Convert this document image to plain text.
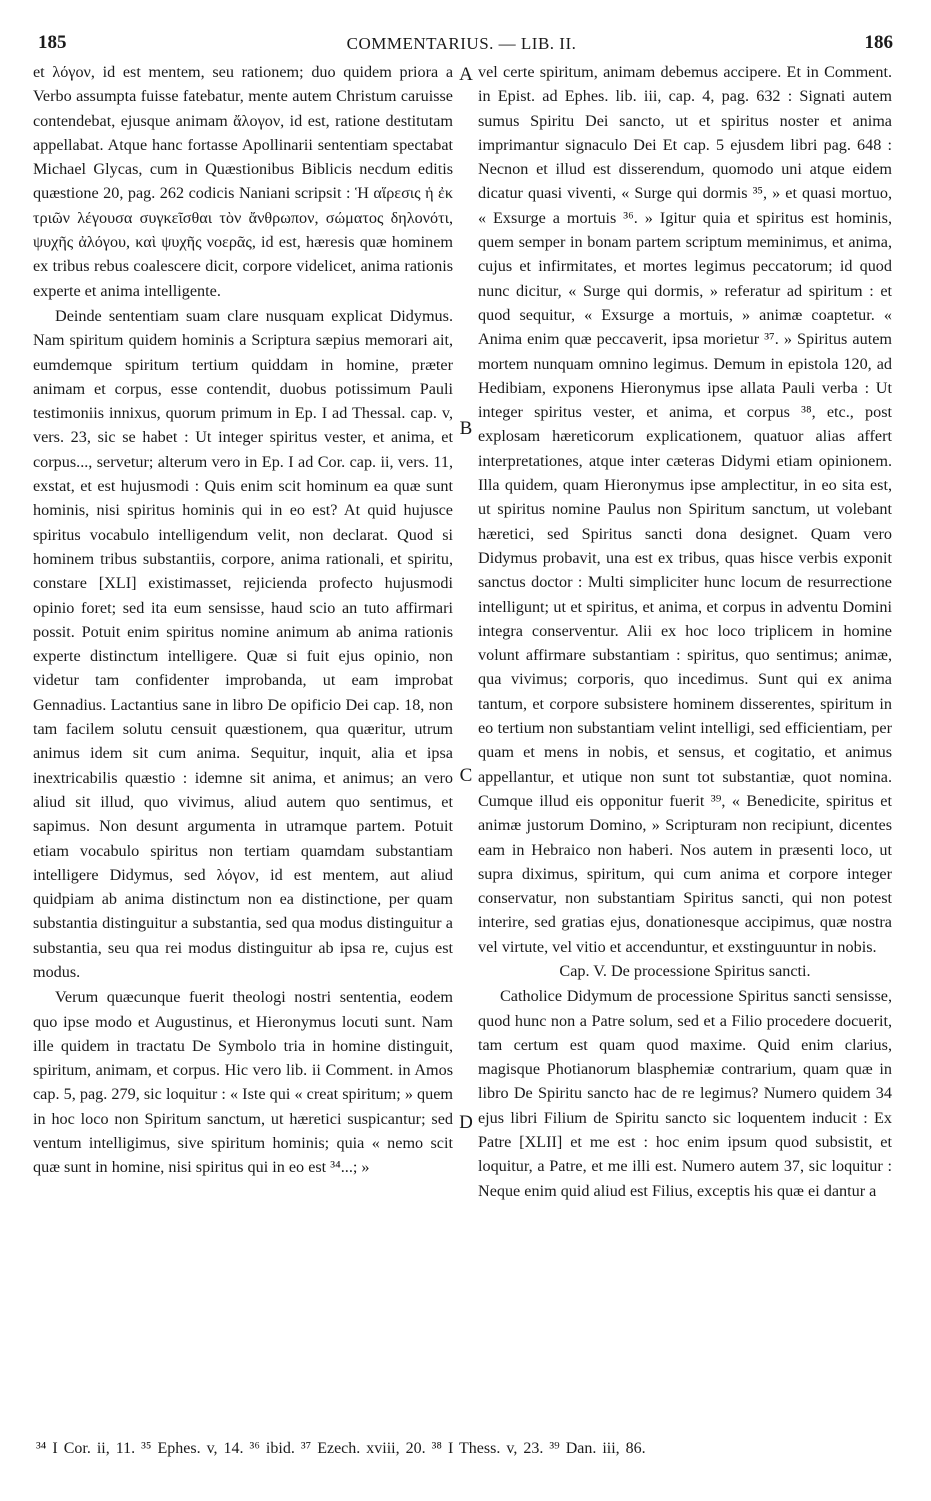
185	COMMENTARIUS. — LIB. II.	186

et λόγον, id est mentem, seu rationem; duo quidem priora a Verbo assumpta fuisse fatebatur, mente autem Christum caruisse contendebat, ejusque animam ἄλογον, id est, ratione destitutam appellabat. Atque hanc fortasse Apollinarii sententiam spectabat Michael Glycas, cum in Quæstionibus Biblicis necdum editis quæstione 20, pag. 262 codicis Naniani scripsit : Ἡ αἵρεσις ἡ ἐκ τριῶν λέγουσα συγκεῖσθαι τὸν ἄνθρωπον, σώματος δηλονότι, ψυχῆς ἀλόγου, καὶ ψυχῆς νοερᾶς, id est, hæresis quæ hominem ex tribus rebus coalescere dicit, corpore videlicet, anima rationis experte et anima intelligente.

Deinde sententiam suam clare nusquam explicat Didymus. Nam spiritum quidem hominis a Scriptura sæpius memorari ait, eumdemque spiritum tertium quiddam in homine, præter animam et corpus, esse contendit, duobus potissimum Pauli testimoniis innixus, quorum primum in Ep. I ad Thessal. cap. v, vers. 23, sic se habet : Ut integer spiritus vester, et anima, et corpus..., servetur; alterum vero in Ep. I ad Cor. cap. ii, vers. 11, exstat, et est hujusmodi : Quis enim scit hominum ea quæ sunt hominis, nisi spiritus hominis qui in eo est? At quid hujusce spiritus vocabulo intelligendum velit, non declarat. Quod si hominem tribus substantiis, corpore, anima rationali, et spiritu, constare [XLI] existimasset, rejicienda profecto hujusmodi opinio foret; sed ita eum sensisse, haud scio an tuto affirmari possit. Potuit enim spiritus nomine animum ab anima rationis experte distinctum intelligere. Quæ si fuit ejus opinio, non videtur tam confidenter improbanda, ut eam improbat Gennadius. Lactantius sane in libro De opificio Dei cap. 18, non tam facilem solutu censuit quæstionem, qua quæritur, utrum animus idem sit cum anima. Sequitur, inquit, alia et ipsa inextricabilis quæstio : idemne sit anima, et animus; an vero aliud sit illud, quo vivimus, aliud autem quo sentimus, et sapimus. Non desunt argumenta in utramque partem. Potuit etiam vocabulo spiritus non tertiam quamdam substantiam intelligere Didymus, sed λόγον, id est mentem, aut aliud quidpiam ab anima distinctum non ea distinctione, per quam substantia distinguitur a substantia, sed qua modus distinguitur a substantia, seu qua rei modus distinguitur ab ipsa re, cujus est modus.

Verum quæcunque fuerit theologi nostri sententia, eodem quo ipse modo et Augustinus, et Hieronymus locuti sunt. Nam ille quidem in tractatu De Symbolo tria in homine distinguit, spiritum, animam, et corpus. Hic vero lib. ii Comment. in Amos cap. 5, pag. 279, sic loquitur : « Iste qui « creat spiritum; » quem in hoc loco non Spiritum sanctum, ut hæretici suspicantur; sed ventum intelligimus, sive spiritum hominis; quia « nemo scit quæ sunt in homine, nisi spiritus qui in eo est ³⁴...; »

A
B
C
D

vel certe spiritum, animam debemus accipere. Et in Comment. in Epist. ad Ephes. lib. iii, cap. 4, pag. 632 : Signati autem sumus Spiritu Dei sancto, ut et spiritus noster et anima imprimantur signaculo Dei Et cap. 5 ejusdem libri pag. 648 : Necnon et illud est disserendum, quomodo uni atque eidem dicatur quasi viventi, « Surge qui dormis ³⁵, » et quasi mortuo, « Exsurge a mortuis ³⁶. » Igitur quia et spiritus est hominis, quem semper in bonam partem scriptum meminimus, et anima, cujus et infirmitates, et mortes legimus peccatorum; id quod nunc dicitur, « Surge qui dormis, » referatur ad spiritum : et quod sequitur, « Exsurge a mortuis, » animæ coaptetur. « Anima enim quæ peccaverit, ipsa morietur ³⁷. » Spiritus autem mortem nunquam omnino legimus. Demum in epistola 120, ad Hedibiam, exponens Hieronymus ipse allata Pauli verba : Ut integer spiritus vester, et anima, et corpus ³⁸, etc., post explosam hæreticorum explicationem, quatuor alias affert interpretationes, atque inter cæteras Didymi etiam opinionem. Illa quidem, quam Hieronymus ipse amplectitur, in eo sita est, ut spiritus nomine Paulus non Spiritum sanctum, ut volebant hæretici, sed Spiritus sancti dona designet. Quam vero Didymus probavit, una est ex tribus, quas hisce verbis exponit sanctus doctor : Multi simpliciter hunc locum de resurrectione intelligunt; ut et spiritus, et anima, et corpus in adventu Domini integra conserventur. Alii ex hoc loco triplicem in homine volunt affirmare substantiam : spiritus, quo sentimus; animæ, qua vivimus; corporis, quo incedimus. Sunt qui ex anima tantum, et corpore subsistere hominem disserentes, spiritum in eo tertium non substantiam velint intelligi, sed efficientiam, per quam et mens in nobis, et sensus, et cogitatio, et animus appellantur, et utique non sunt tot substantiæ, quot nomina. Cumque illud eis opponitur fuerit ³⁹, « Benedicite, spiritus et animæ justorum Domino, » Scripturam non recipiunt, dicentes eam in Hebraico non haberi. Nos autem in præsenti loco, ut supra diximus, spiritum, qui cum anima et corpore integer conservatur, non substantiam Spiritus sancti, qui non potest interire, sed gratias ejus, donationesque accipimus, quæ nostra vel virtute, vel vitio et accenduntur, et exstinguuntur in nobis.

Cap. V. De processione Spiritus sancti.

Catholice Didymum de processione Spiritus sancti sensisse, quod hunc non a Patre solum, sed et a Filio procedere docuerit, tam certum est quam quod maxime. Quid enim clarius, magisque Photianorum blasphemiæ contrarium, quam quæ in libro De Spiritu sancto hac de re legimus? Numero quidem 34 ejus libri Filium de Spiritu sancto sic loquentem inducit : Ex Patre [XLII] et me est : hoc enim ipsum quod subsistit, et loquitur, a Patre, et me illi est. Numero autem 37, sic loquitur : Neque enim quid aliud est Filius, exceptis his quæ ei dantur a

³⁴ I Cor. ii, 11. ³⁵ Ephes. v, 14. ³⁶ ibid. ³⁷ Ezech. xviii, 20. ³⁸ I Thess. v, 23. ³⁹ Dan. iii, 86.
